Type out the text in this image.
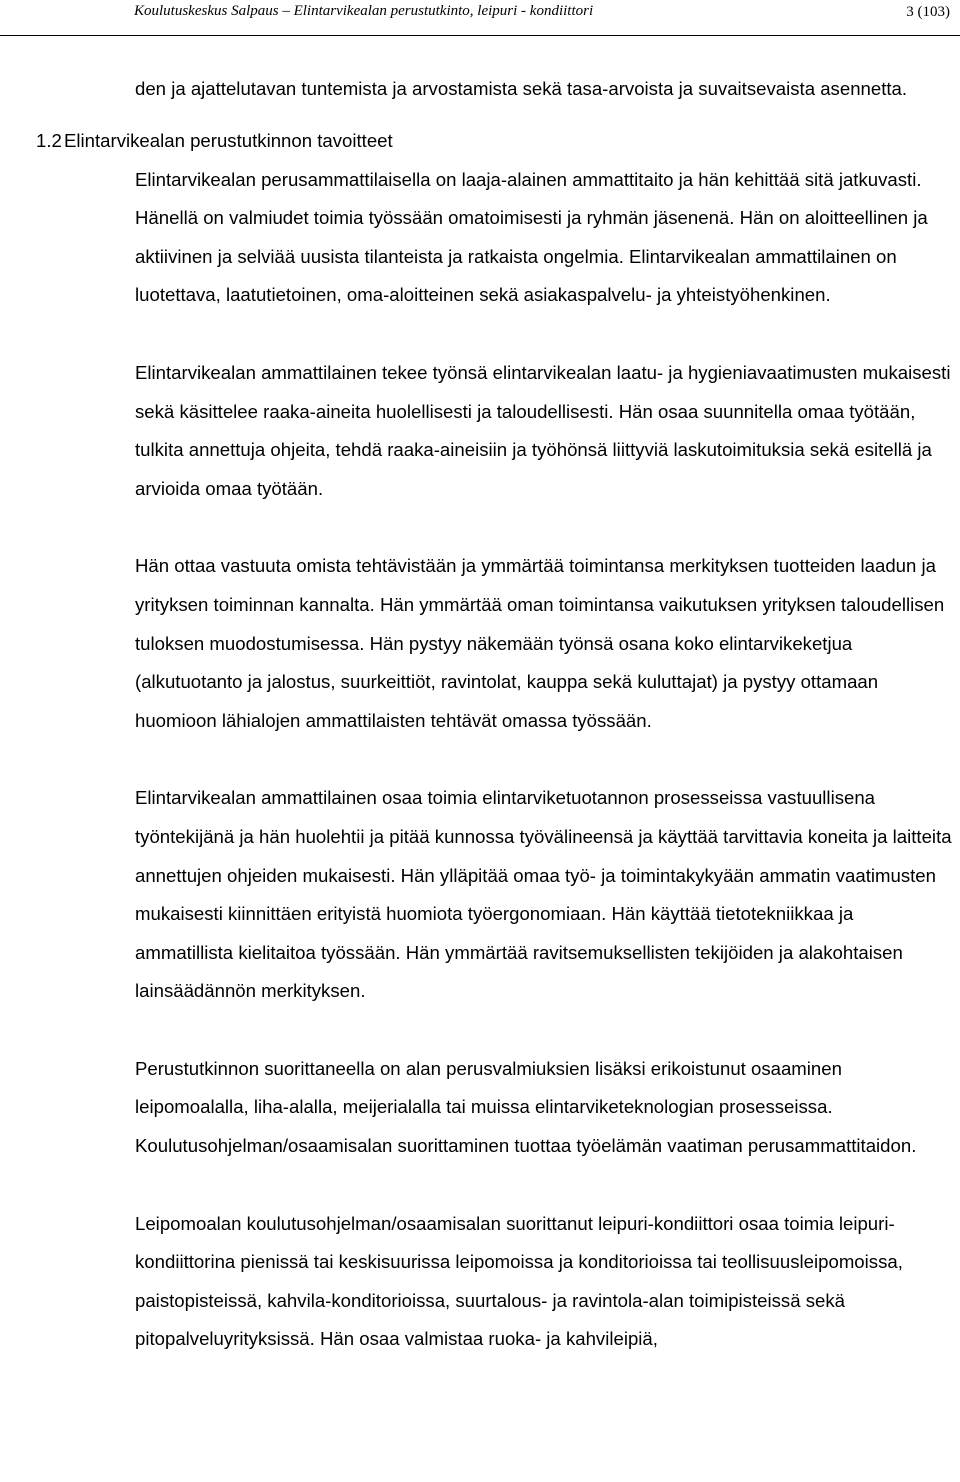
Koulutuskeskus Salpaus – Elintarvikealan perustutkinto, leipuri - kondiittori	3 (103)

den ja ajattelutavan tuntemista ja arvostamista sekä tasa-arvoista ja suvaitsevaista asennetta.

1.2 Elintarvikealan perustutkinnon tavoitteet

Elintarvikealan perusammattilaisella on laaja-alainen ammattitaito ja hän kehittää sitä jatkuvasti. Hänellä on valmiudet toimia työssään omatoimisesti ja ryhmän jäsenenä. Hän on aloitteellinen ja aktiivinen ja selviää uusista tilanteista ja ratkaista ongelmia. Elintarvikealan ammattilainen on luotettava, laatutietoinen, oma-aloitteinen sekä asiakaspalvelu- ja yhteistyöhenkinen.

Elintarvikealan ammattilainen tekee työnsä elintarvikealan laatu- ja hygieniavaatimusten mukaisesti sekä käsittelee raaka-aineita huolellisesti ja taloudellisesti. Hän osaa suunnitella omaa työtään, tulkita annettuja ohjeita, tehdä raaka-aineisiin ja työhönsä liittyviä laskutoimituksia sekä esitellä ja arvioida omaa työtään.

Hän ottaa vastuuta omista tehtävistään ja ymmärtää toimintansa merkityksen tuotteiden laadun ja yrityksen toiminnan kannalta. Hän ymmärtää oman toimintansa vaikutuksen yrityksen taloudellisen tuloksen muodostumisessa. Hän pystyy näkemään työnsä osana koko elintarvikeketjua (alkutuotanto ja jalostus, suurkeittiöt, ravintolat, kauppa sekä kuluttajat) ja pystyy ottamaan huomioon lähialojen ammattilaisten tehtävät omassa työssään.

Elintarvikealan ammattilainen osaa toimia elintarviketuotannon prosesseissa vastuullisena työntekijänä ja hän huolehtii ja pitää kunnossa työvälineensä ja käyttää tarvittavia koneita ja laitteita annettujen ohjeiden mukaisesti. Hän ylläpitää omaa työ- ja toimintakykyään ammatin vaatimusten mukaisesti kiinnittäen erityistä huomiota työergonomiaan. Hän käyttää tietotekniikkaa ja ammatillista kielitaitoa työssään. Hän ymmärtää ravitsemuksellisten tekijöiden ja alakohtaisen lainsäädännön merkityksen.

Perustutkinnon suorittaneella on alan perusvalmiuksien lisäksi erikoistunut osaaminen leipomoalalla, liha-alalla, meijerialalla tai muissa elintarviketeknologian prosesseissa. Koulutusohjelman/osaamisalan suorittaminen tuottaa työelämän vaatiman perusammattitaidon.

Leipomoalan koulutusohjelman/osaamisalan suorittanut leipuri-kondiittori osaa toimia leipuri-kondiittorina pienissä tai keskisuurissa leipomoissa ja konditorioissa tai teollisuusleipomoissa, paistopisteissä, kahvila-konditorioissa, suurtalous- ja ravintola-alan toimipisteissä sekä pitopalveluyrityksissä. Hän osaa valmistaa ruoka- ja kahvileipiä,
